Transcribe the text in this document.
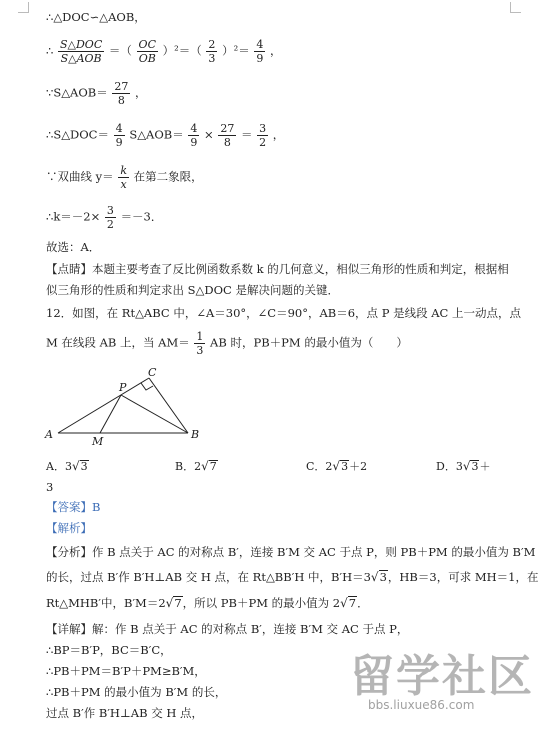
∴△DOC∽△AOB，
∴ $\frac{\text{S△DOC}}{\text{S△AOB}}$ ＝（ $\frac{OC}{OB} )^2=( \frac{2}{3} )^2= \frac{4}{9}$ ，
∵S△AOB＝ $\frac{27}{8}$ ，
∴S△DOC＝ $\frac{4}{9}$ S△AOB＝ $\frac{4}{9} \times \frac{27}{8} = \frac{3}{2}$ ，
∵双曲线 $y= \frac{k}{x}$ 在第二象限，
∴k＝－2× $\frac{3}{2} =-3$．
故选：A．
【点睛】本题主要考查了反比例函数系数 k 的几何意义，相似三角形的性质和判定，根据相
似三角形的性质和判定求出 S△DOC 是解决问题的关键．
12．如图，在 Rt△ABC 中，∠A＝30°，∠C＝90°，AB＝6，点 P 是线段 AC 上一动点，点
M 在线段 AB 上，当 $AM= \frac{1}{3}$ AB 时，PB＋PM 的最小值为（　　）
A	B
C
P
M
A．3√3	B．2√7	C．2√3＋2	D．3√3＋
3
【答案】B
【解析】
【分析】作 B 点关于 AC 的对称点 B′，连接 B′M 交 AC 于点 P，则 PB＋PM 的最小值为 B′M
的长，过点 B′作 B′H⊥AB 交 H 点，在 Rt△BB′H 中，B′H＝3√3，HB＝3，可求 MH＝1，在
Rt△MHB′中，B′M＝2√7，所以 PB＋PM 的最小值为 2√7．
【详解】解：作 B 点关于 AC 的对称点 B′，连接 B′M 交 AC 于点 P，
∴BP＝B′P，BC＝B′C，
∴PB＋PM＝B′P＋PM≥B′M，
∴PB＋PM 的最小值为 B′M 的长，
过点 B′作 B′H⊥AB 交 H 点，
留学社区
bbs.liuxue86.com
